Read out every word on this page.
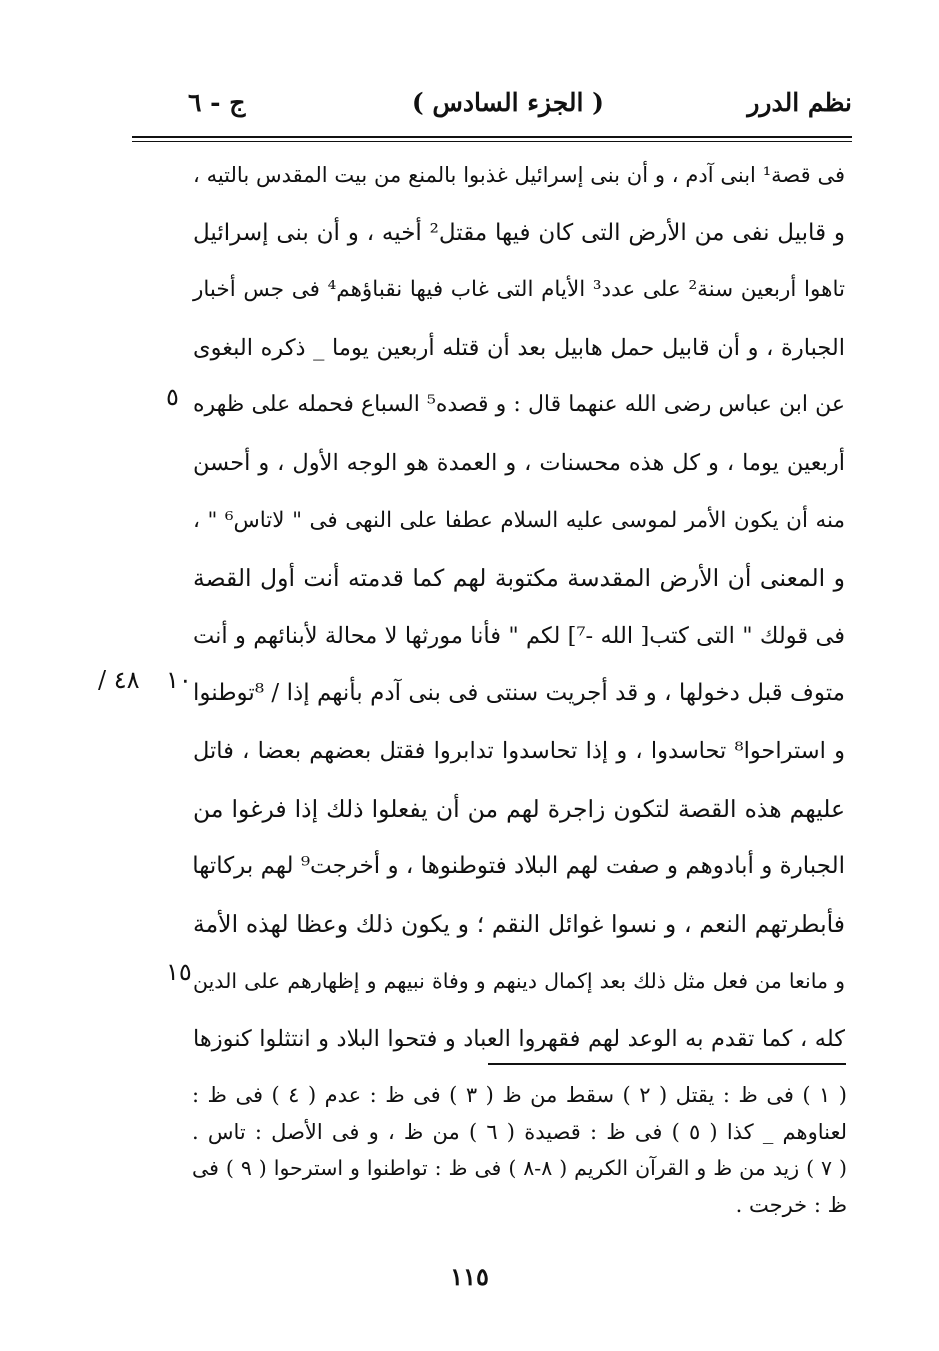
نظم الدرر
( الجزء السادس )
ج - ٦
فى قصة¹ ابنى آدم ، و أن بنى إسرائيل غذبوا بالمنع من بيت المقدس بالتيه ،
و قابيل نفى من الأرض التى كان فيها مقتل² أخيه ، و أن بنى إسرائيل
تاهوا أربعين سنة² على عدد³ الأيام التى غاب فيها نقباؤهم⁴ فى جس أخبار
الجبارة ، و أن قابيل حمل هابيل بعد أن قتله أربعين يوما _ ذكره البغوى
عن ابن عباس رضى الله عنهما قال : و قصده⁵ السباع فحمله على ظهره
أربعين يوما ، و كل هذه محسنات ، و العمدة هو الوجه الأول ، و أحسن
منه أن يكون الأمر لموسى عليه السلام عطفا على النهى فى " لاتاس⁶ " ،
و المعنى أن الأرض المقدسة مكتوبة لهم كما قدمته أنت أول القصة
فى قولك " التى كتب[ الله -⁷] لكم " فأنا مورثها لا محالة لأبنائهم و أنت
متوف قبل دخولها ، و قد أجريت سنتى فى بنى آدم بأنهم إذا / ⁸توطنوا
و استراحوا⁸ تحاسدوا ، و إذا تحاسدوا تدابروا فقتل بعضهم بعضا ، فاتل
عليهم هذه القصة لتكون زاجرة لهم من أن يفعلوا ذلك إذا فرغوا من
الجبارة و أبادوهم و صفت لهم البلاد فتوطنوها ، و أخرجت⁹ لهم بركاتها
فأبطرتهم النعم ، و نسوا غوائل النقم ؛ و يكون ذلك وعظا لهذه الأمة
و مانعا من فعل مثل ذلك بعد إكمال دينهم و وفاة نبيهم و إظهارهم على الدين
كله ، كما تقدم به الوعد لهم فقهروا العباد و فتحوا البلاد و انتثلوا كنوزها
٥
١٠
١٥
٤٨ /
( ١ ) فى ظ : يقتل ( ٢ ) سقط من ظ ( ٣ ) فى ظ : عدم ( ٤ ) فى ظ :
لعناوهم _ كذا ( ٥ ) فى ظ : قصيدة ( ٦ ) من ظ ، و فى الأصل : تاس .
( ٧ ) زيد من ظ و القرآن الكريم ( ٨-٨ ) فى ظ : تواطنوا و استرحوا ( ٩ ) فى
ظ : خرجت .
١١٥
